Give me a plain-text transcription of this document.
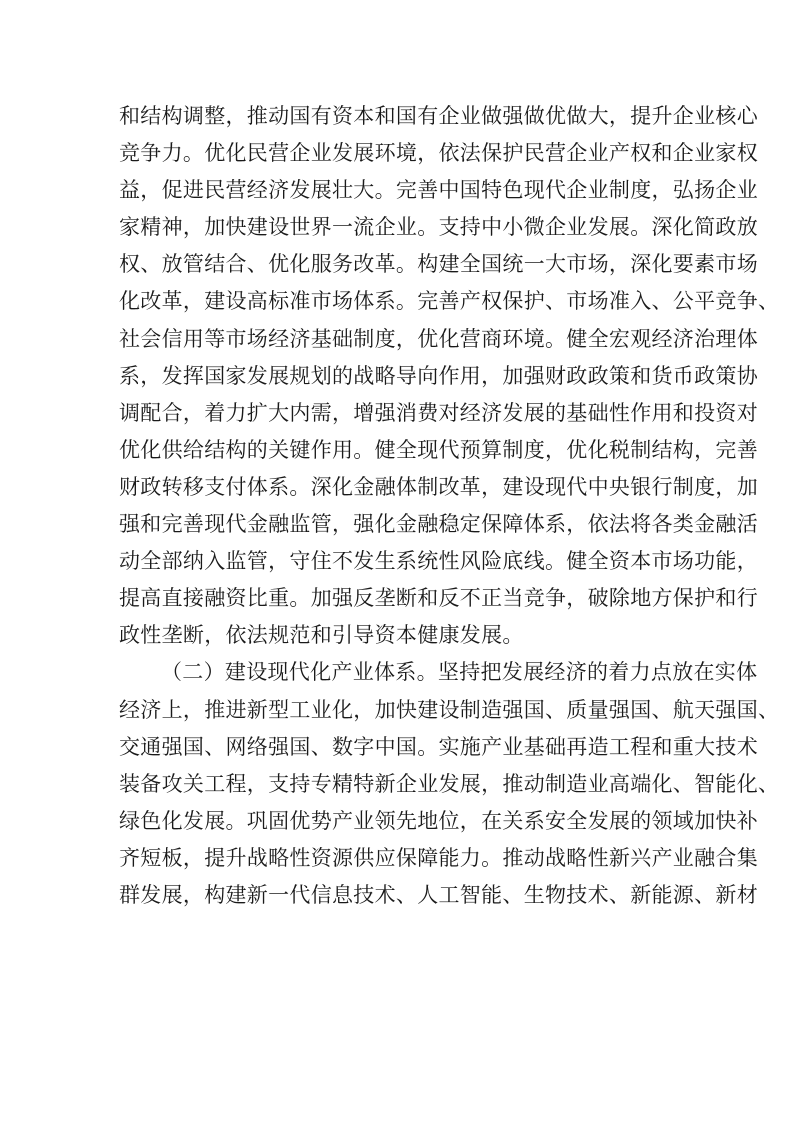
和结构调整，推动国有资本和国有企业做强做优做大，提升企业核心
竞争力。优化民营企业发展环境，依法保护民营企业产权和企业家权
益，促进民营经济发展壮大。完善中国特色现代企业制度，弘扬企业
家精神，加快建设世界一流企业。支持中小微企业发展。深化简政放
权、放管结合、优化服务改革。构建全国统一大市场，深化要素市场
化改革，建设高标准市场体系。完善产权保护、市场准入、公平竞争、
社会信用等市场经济基础制度，优化营商环境。健全宏观经济治理体
系，发挥国家发展规划的战略导向作用，加强财政政策和货币政策协
调配合，着力扩大内需，增强消费对经济发展的基础性作用和投资对
优化供给结构的关键作用。健全现代预算制度，优化税制结构，完善
财政转移支付体系。深化金融体制改革，建设现代中央银行制度，加
强和完善现代金融监管，强化金融稳定保障体系，依法将各类金融活
动全部纳入监管，守住不发生系统性风险底线。健全资本市场功能，
提高直接融资比重。加强反垄断和反不正当竞争，破除地方保护和行
政性垄断，依法规范和引导资本健康发展。
（二）建设现代化产业体系。坚持把发展经济的着力点放在实体
经济上，推进新型工业化，加快建设制造强国、质量强国、航天强国、
交通强国、网络强国、数字中国。实施产业基础再造工程和重大技术
装备攻关工程，支持专精特新企业发展，推动制造业高端化、智能化、
绿色化发展。巩固优势产业领先地位，在关系安全发展的领域加快补
齐短板，提升战略性资源供应保障能力。推动战略性新兴产业融合集
群发展，构建新一代信息技术、人工智能、生物技术、新能源、新材
